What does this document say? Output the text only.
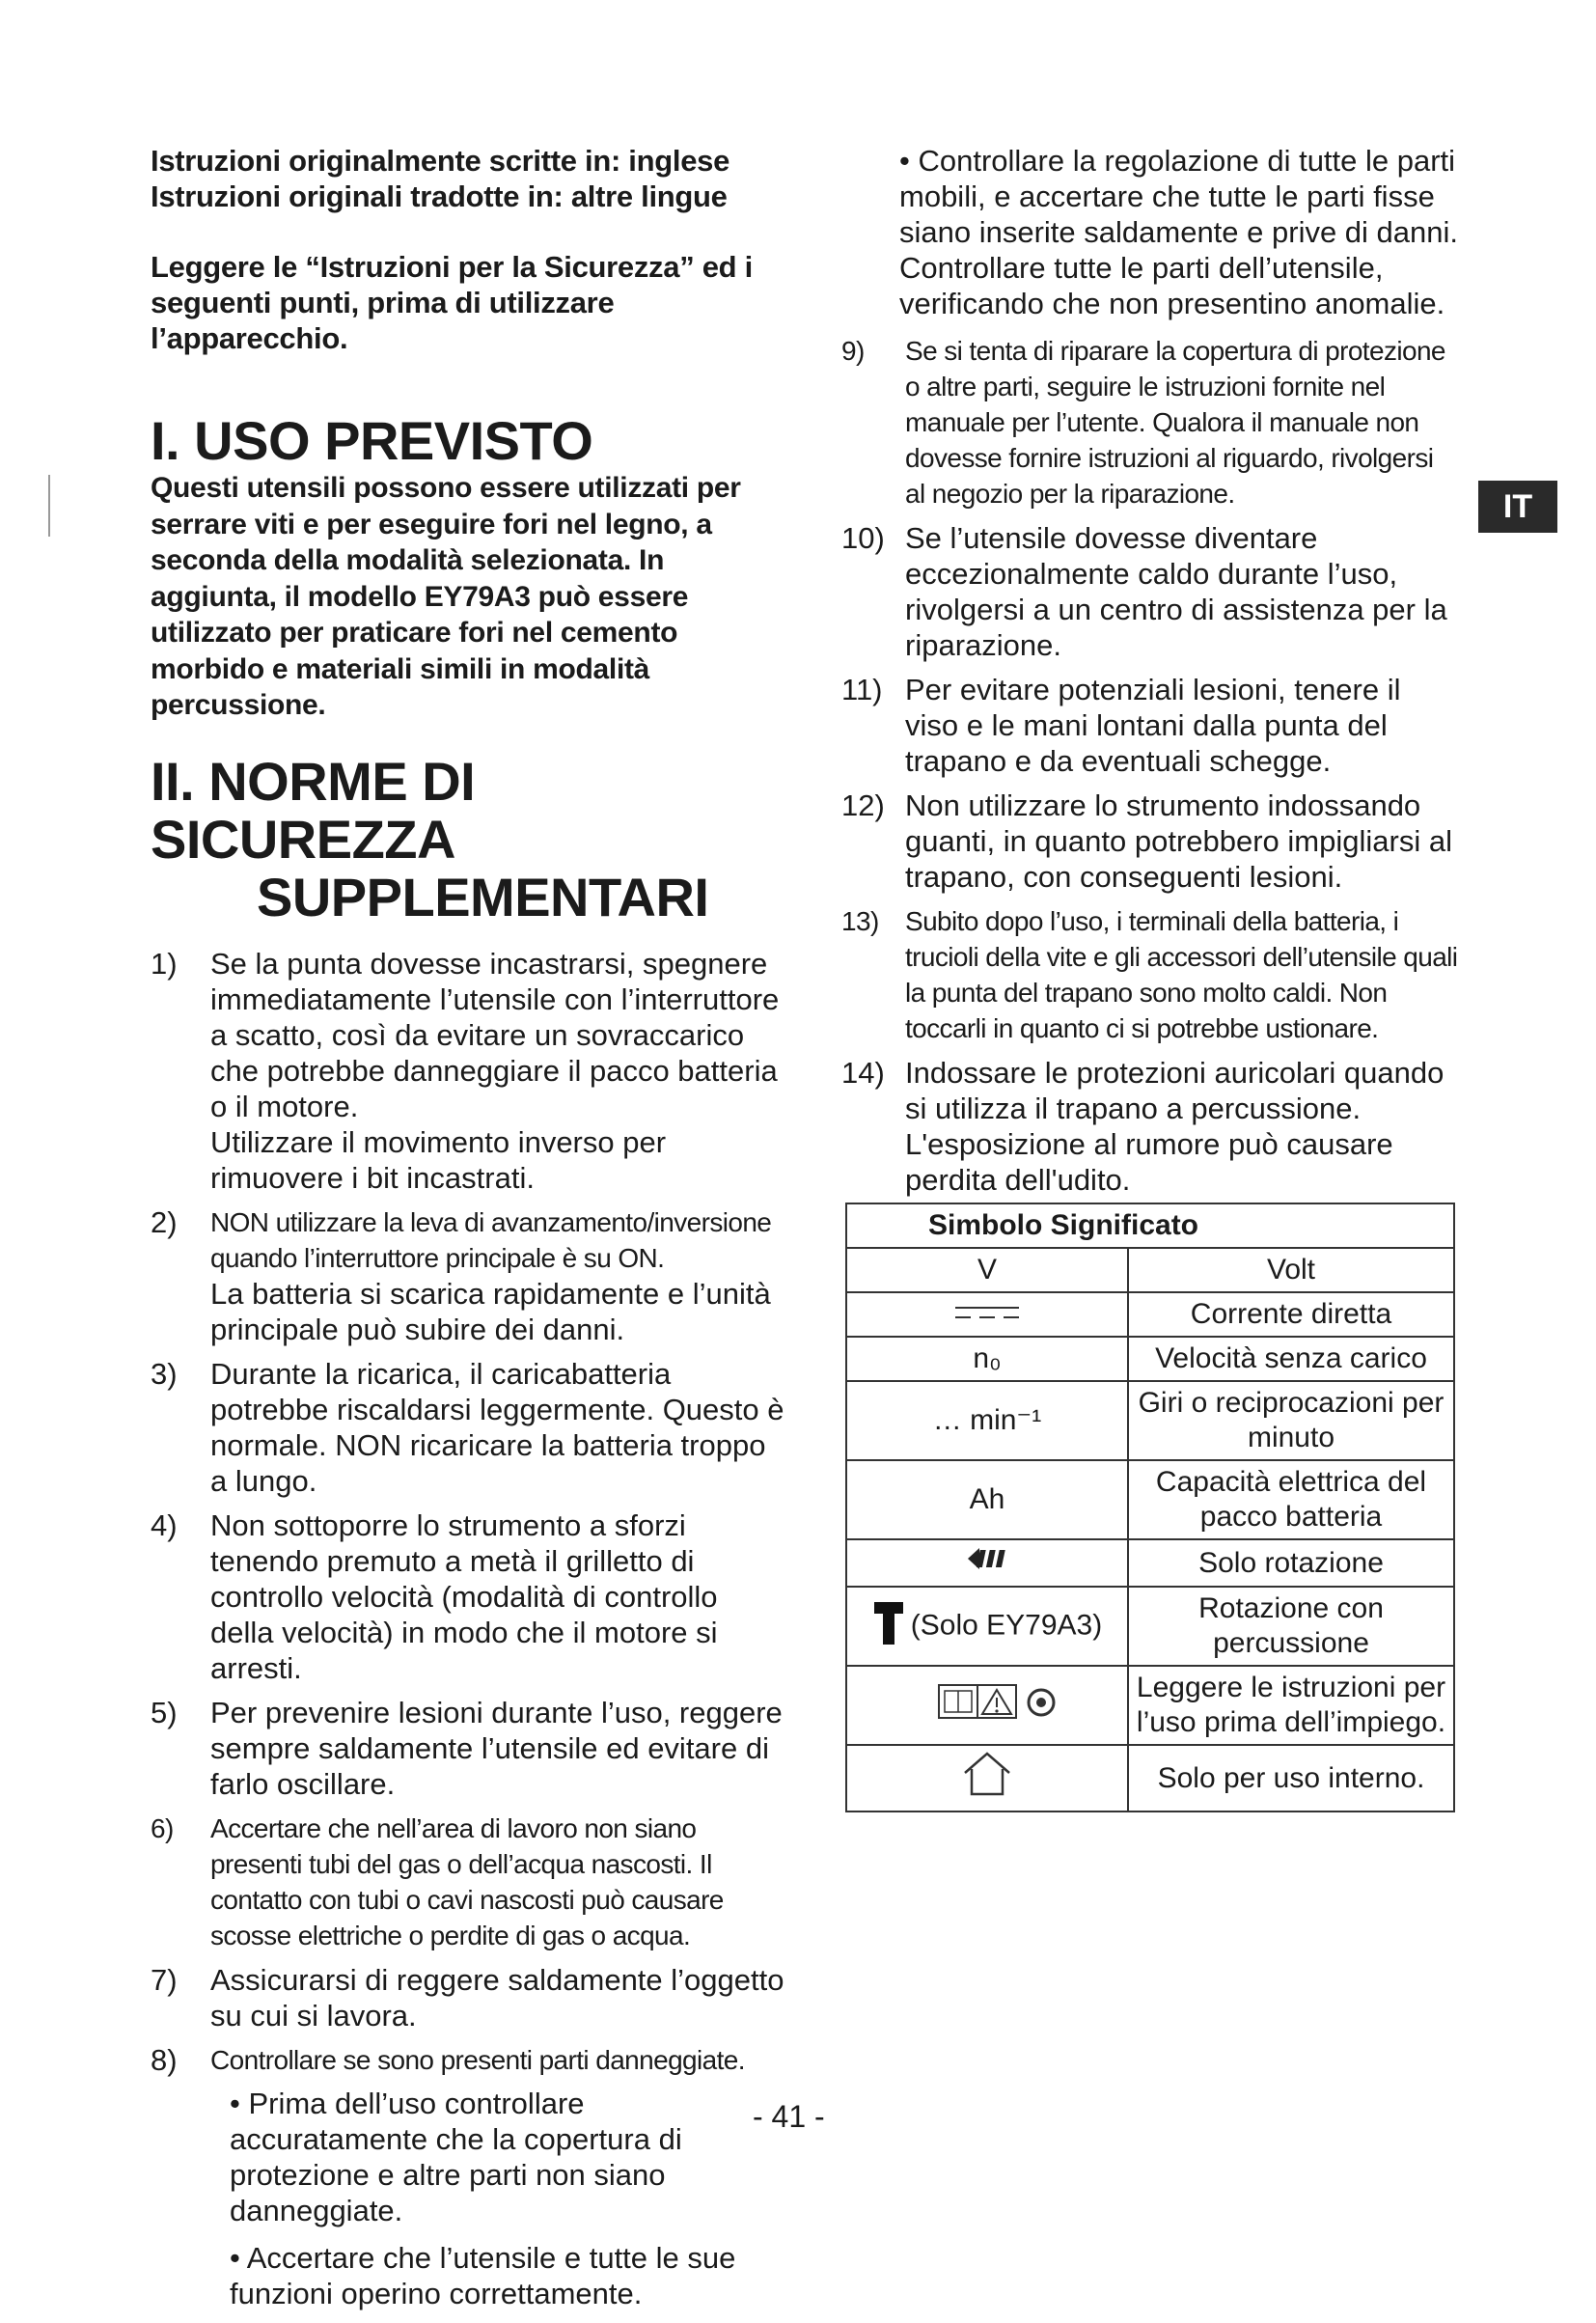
IT

Istruzioni originalmente scritte in: inglese

Istruzioni originali tradotte in: altre lingue

Leggere le “Istruzioni per la Sicurezza” ed i

seguenti punti, prima di utilizzare l’apparecchio.

I. USO PREVISTO
Questi utensili possono essere utilizzati per serrare viti e per eseguire fori nel legno, a seconda della modalità selezionata. In aggiunta, il modello EY79A3 può essere utilizzato per praticare fori nel cemento morbido e materiali simili in modalità percussione.
II. NORME DI SICUREZZA
SUPPLEMENTARI
1) Se la punta dovesse incastrarsi, spegnere immediatamente l’utensile con l’interruttore a scatto, così da evitare un sovraccarico che potrebbe danneggiare il pacco batteria o il motore.
Utilizzare il movimento inverso per rimuovere i bit incastrati.
2) NON utilizzare la leva di avanzamento/inversione quando l’interruttore principale è su ON.
La batteria si scarica rapidamente e l’unità principale può subire dei danni.
3) Durante la ricarica, il caricabatteria potrebbe riscaldarsi leggermente. Questo è normale. NON ricaricare la batteria troppo a lungo.
4) Non sottoporre lo strumento a sforzi tenendo premuto a metà il grilletto di controllo velocità (modalità di controllo della velocità) in modo che il motore si arresti.
5) Per prevenire lesioni durante l’uso, reggere sempre saldamente l’utensile ed evitare di farlo oscillare.
6) Accertare che nell’area di lavoro non siano presenti tubi del gas o dell’acqua nascosti. Il contatto con tubi o cavi nascosti può causare scosse elettriche o perdite di gas o acqua.
7) Assicurarsi di reggere saldamente l’oggetto su cui si lavora.
8) Controllare se sono presenti parti danneggiate.
• Prima dell’uso controllare accuratamente che la copertura di protezione e altre parti non siano danneggiate.
• Accertare che l’utensile e tutte le sue funzioni operino correttamente.
• Controllare la regolazione di tutte le parti mobili, e accertare che tutte le parti fisse siano inserite saldamente e prive di danni. Controllare tutte le parti dell’utensile, verificando che non presentino anomalie.
9) Se si tenta di riparare la copertura di protezione o altre parti, seguire le istruzioni fornite nel manuale per l’utente. Qualora il manuale non dovesse fornire istruzioni al riguardo, rivolgersi al negozio per la riparazione.
10) Se l’utensile dovesse diventare eccezionalmente caldo durante l’uso, rivolgersi a un centro di assistenza per la riparazione.
11) Per evitare potenziali lesioni, tenere il viso e le mani lontani dalla punta del trapano e da eventuali schegge.
12) Non utilizzare lo strumento indossando guanti, in quanto potrebbero impigliarsi al trapano, con conseguenti lesioni.
13) Subito dopo l’uso, i terminali della batteria, i trucioli della vite e gli accessori dell’utensile quali la punta del trapano sono molto caldi. Non toccarli in quanto ci si potrebbe ustionare.
14) Indossare le protezioni auricolari quando si utilizza il trapano a percussione. L'esposizione al rumore può causare perdita dell'udito.
Simbolo Significato	
V	Volt
	Corrente diretta
n₀	Velocità senza carico
… min⁻¹	Giri o reciprocazioni per minuto
Ah	Capacità elettrica del pacco batteria
	Solo rotazione
(Solo EY79A3)	Rotazione con percussione
	Leggere le istruzioni per l’uso prima dell’impiego.
	Solo per uso interno.
- 41 -
